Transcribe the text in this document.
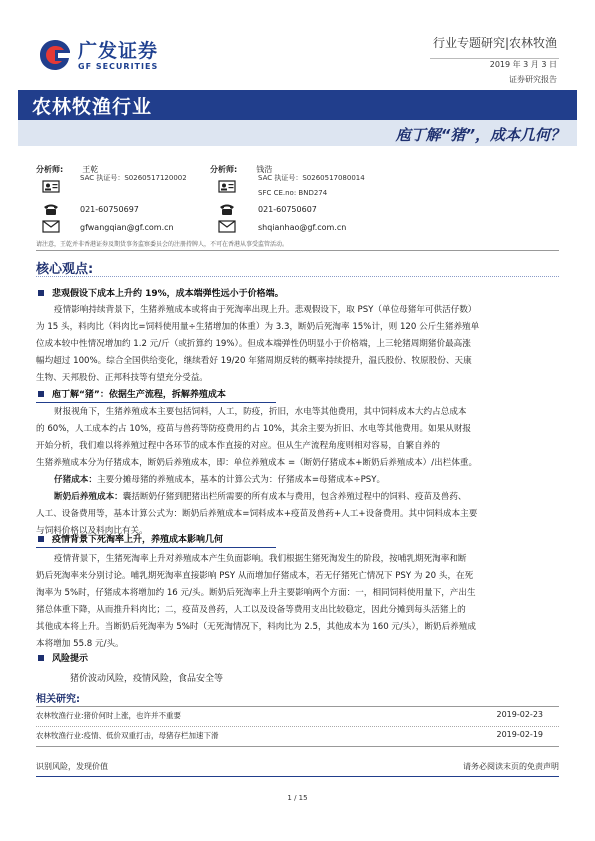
广发证券
GF SECURITIES
行业专题研究|农林牧渔
2019 年 3 月 3 日
证券研究报告
农林牧渔行业
庖丁解“猪”，成本几何？
分析师: 王乾
SAC 执证号：S0260517120002
021-60750697
gfwangqian@gf.com.cn
分析师: 钱浩
SAC 执证号：S0260517080014
SFC CE.no: BND274
021-60750607
shqianhao@gf.com.cn
请注意，王乾并非香港证券及期货事务监察委员会的注册持牌人，不可在香港从事受监管活动。
核心观点:
悲观假设下成本上升约 19%，成本端弹性远小于价格端。

疫情影响持续背景下，生猪养殖成本或将由于死淘率出现上升。悲观假设下，取 PSY（单位母猪年可供活仔数）

为 15 头，料肉比（料肉比=饲料使用量÷生猪增加的体重）为 3.3，断奶后死淘率 15%计，则 120 公斤生猪养殖单

位成本较中性情况增加约 1.2 元/斤（或折算约 19%）。但成本端弹性仍明显小于价格端，上三轮猪周期猪价最高涨

幅均超过 100%。综合全国供给变化，继续看好 19/20 年猪周期反转的概率持续提升，温氏股份、牧原股份、天康

生物、天邦股份、正邦科技等有望充分受益。

庖丁解“猪”：依据生产流程，拆解养殖成本

财报视角下，生猪养殖成本主要包括饲料，人工，防疫，折旧，水电等其他费用，其中饲料成本大约占总成本

的 60%，人工成本约占 10%，疫苗与兽药等防疫费用约占 10%，其余主要为折旧、水电等其他费用。如果从财报

开始分析，我们难以将养殖过程中各环节的成本作直接的对应。但从生产流程角度则相对容易，自繁自养的

生猪养殖成本分为仔猪成本，断奶后养殖成本，即：单位养殖成本 =（断奶仔猪成本+断奶后养殖成本）/出栏体重。

仔猪成本：主要分摊母猪的养殖成本，基本的计算公式为：仔猪成本=母猪成本÷PSY。

断奶后养殖成本：囊括断奶仔猪到肥猪出栏所需要的所有成本与费用，包含养殖过程中的饲料、疫苗及兽药、

人工、设备费用等，基本计算公式为：断奶后养殖成本=饲料成本+疫苗及兽药+人工+设备费用。其中饲料成本主要

与饲料价格以及料肉比有关。

疫情背景下死淘率上升，养殖成本影响几何

疫情背景下，生猪死淘率上升对养殖成本产生负面影响。我们根据生猪死淘发生的阶段，按哺乳期死淘率和断

奶后死淘率来分别讨论。哺乳期死淘率直接影响 PSY 从而增加仔猪成本，若无仔猪死亡情况下 PSY 为 20 头，在死

淘率为 5%时，仔猪成本将增加约 16 元/头。断奶后死淘率上升主要影响两个方面：一，相同饲料使用量下，产出生

猪总体重下降，从而推升料肉比；二，疫苗及兽药，人工以及设备等费用支出比较稳定，因此分摊到每头活猪上的

其他成本将上升。当断奶后死淘率为 5%时（无死淘情况下，料肉比为 2.5，其他成本为 160 元/头），断奶后养殖成

本将增加 55.8 元/头。

风险提示
猪价波动风险，疫情风险，食品安全等
相关研究:
农林牧渔行业:猪价何时上涨，也许并不重要	2019-02-23
农林牧渔行业:疫情、低价双重打击，母猪存栏加速下滑	2019-02-19
识别风险，发现价值	请务必阅读末页的免责声明
1 / 15
